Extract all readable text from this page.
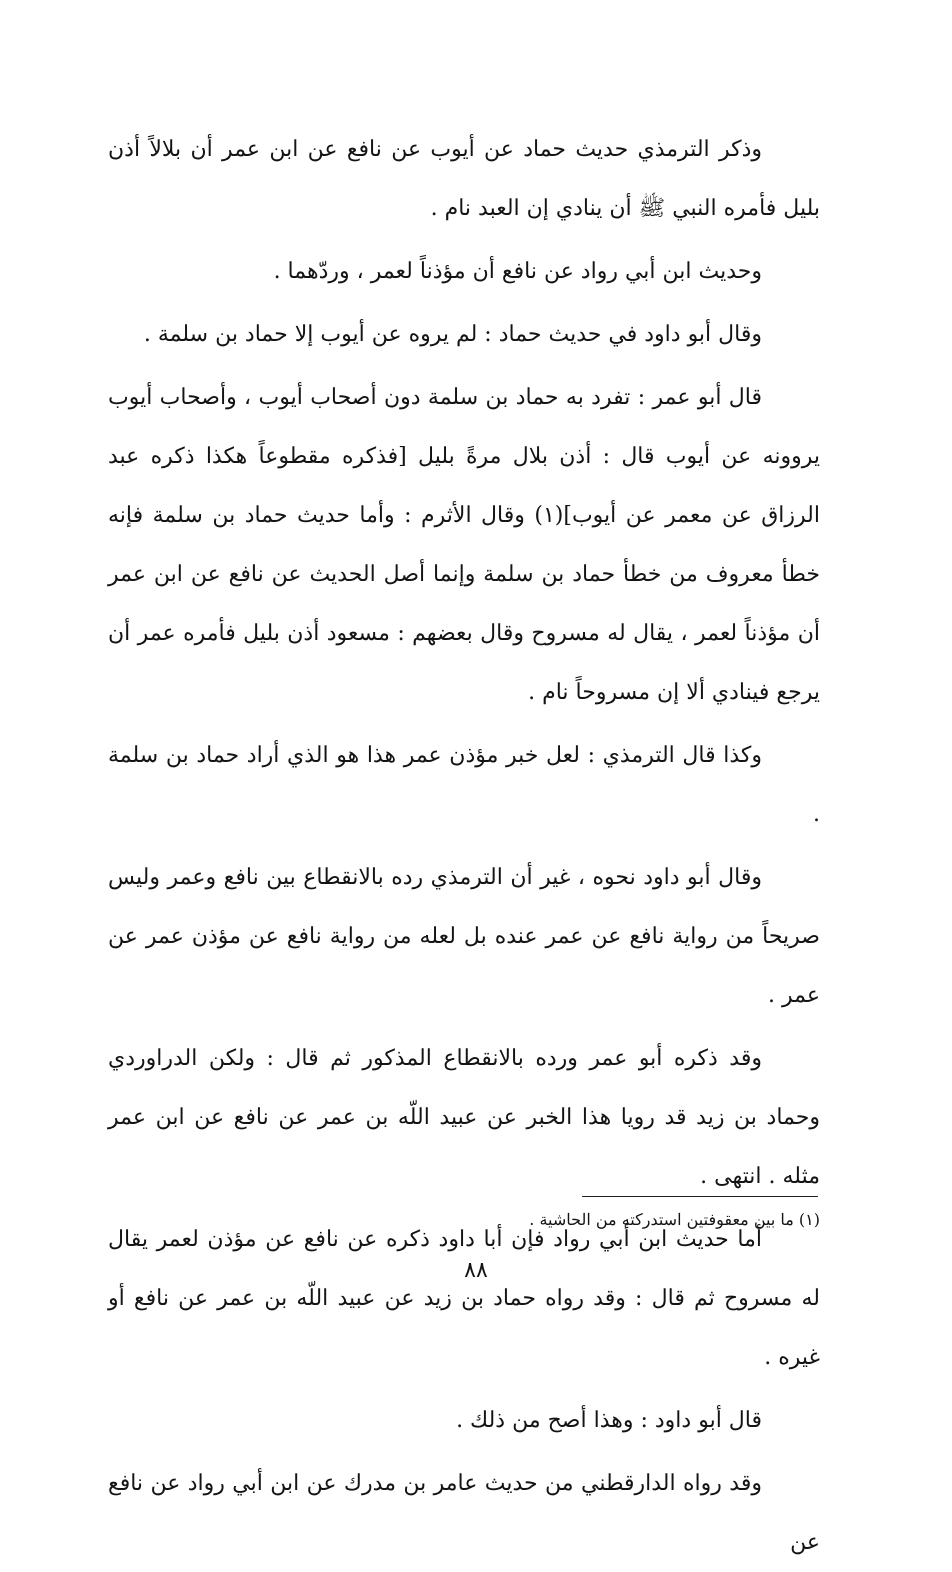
وذكر الترمذي حديث حماد عن أيوب عن نافع عن ابن عمر أن بلالاً أذن بليل فأمره النبي ﷺ أن ينادي إن العبد نام .

وحديث ابن أبي رواد عن نافع أن مؤذناً لعمر ، وردّهما .

وقال أبو داود في حديث حماد : لم يروه عن أيوب إلا حماد بن سلمة .

قال أبو عمر : تفرد به حماد بن سلمة دون أصحاب أيوب ، وأصحاب أيوب يروونه عن أيوب قال : أذن بلال مرةً بليل [فذكره مقطوعاً هكذا ذكره عبد الرزاق عن معمر عن أيوب](١) وقال الأثرم : وأما حديث حماد بن سلمة فإنه خطأ معروف من خطأ حماد بن سلمة وإنما أصل الحديث عن نافع عن ابن عمر أن مؤذناً لعمر ، يقال له مسروح وقال بعضهم : مسعود أذن بليل فأمره عمر أن يرجع فينادي ألا إن مسروحاً نام .

وكذا قال الترمذي : لعل خبر مؤذن عمر هذا هو الذي أراد حماد بن سلمة .

وقال أبو داود نحوه ، غير أن الترمذي رده بالانقطاع بين نافع وعمر وليس صريحاً من رواية نافع عن عمر عنده بل لعله من رواية نافع عن مؤذن عمر عن عمر .

وقد ذكره أبو عمر ورده بالانقطاع المذكور ثم قال : ولكن الدراوردي وحماد بن زيد قد رويا هذا الخبر عن عبيد اللّه بن عمر عن نافع عن ابن عمر مثله . انتهى .

أما حديث ابن أبي رواد فإن أبا داود ذكره عن نافع عن مؤذن لعمر يقال له مسروح ثم قال : وقد رواه حماد بن زيد عن عبيد اللّه بن عمر عن نافع أو غيره .

قال أبو داود : وهذا أصح من ذلك .

وقد رواه الدارقطني من حديث عامر بن مدرك عن ابن أبي رواد عن نافع عن

(١) ما بين معقوفتين استدركته من الحاشية .
٨٨
